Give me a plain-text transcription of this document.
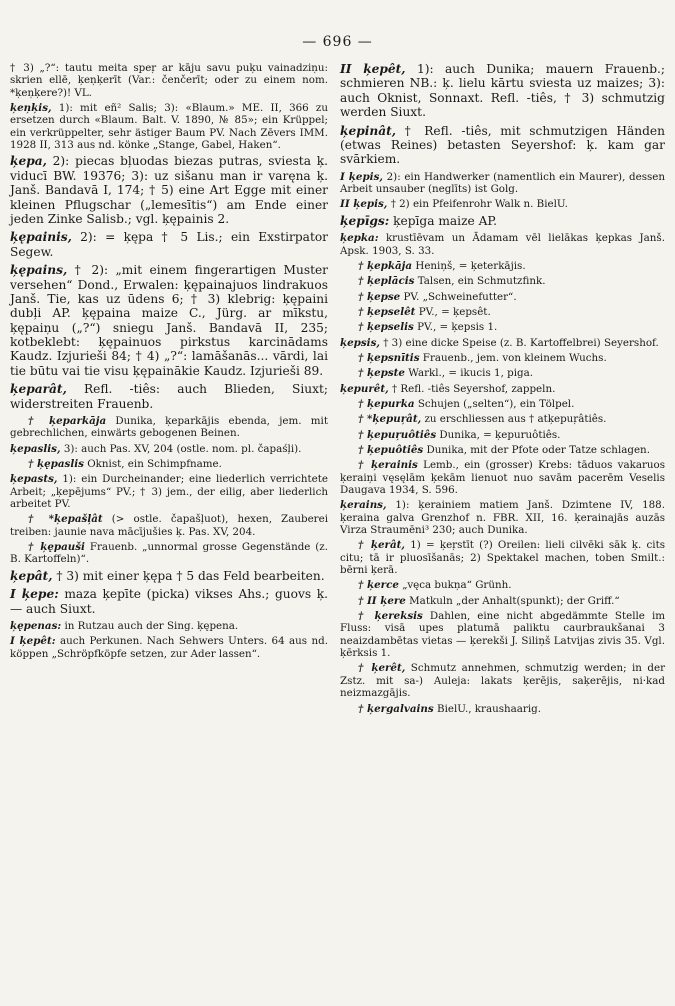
— 696 —

† 3) „?“: tautu meita speŗ ar kāju savu puķu vainadziņu: skrien ellē, ķeņķerīt (Var.: čenčerīt; oder zu einem nom. *ķeņķere?)! VL.

ķeņķis, 1): mit eñ² Salis; 3): «Blaum.» ME. II, 366 zu ersetzen durch «Blaum. Balt. V. 1890, № 85»; ein Krüppel; ein verkrüppelter, sehr ästiger Baum PV. Nach Zēvers IMM. 1928 II, 313 aus nd. könke „Stange, Gabel, Haken“.

ķepa, 2): piecas bļuodas biezas putras, sviesta ķ. viducī BW. 19376; 3): uz sišanu man ir varęna ķ. Janš. Bandavā I, 174; † 5) eine Art Egge mit einer kleinen Pflugschar („lemesītis“) am Ende einer jeden Zinke Salisb.; vgl. ķępainis 2.

ķępainis, 2): = ķępa † 5 Lis.; ein Exstirpator Segew.

ķępains, † 2): „mit einem fingerartigen Muster versehen“ Dond., Erwalen: ķępainajuos lindrakuos Janš. Tie, kas uz ūdens 6; † 3) klebrig: ķępaini dubļi AP. ķępaina maize C., Jürg. ar mīkstu, ķępaiņu („?“) sniegu Janš. Bandavā II, 235; kotbeklebt: ķępainuos pirkstus karcinādams Kaudz. Izjurieši 84; † 4) „?“: lamāšanās... vārdi, lai tie būtu vai tie visu ķępainākie Kaudz. Izjurieši 89.

ķeparât, Refl. -tiês: auch Blieden, Siuxt; widerstreiten Frauenb.

† ķeparkāja Dunika, ķeparkājis ebenda, jem. mit gebrechlichen, einwärts gebogenen Beinen.

ķepaslis, 3): auch Pas. XV, 204 (ostle. nom. pl. čapaśļi).

† ķępaslis Oknist, ein Schimpfname.

ķepasts, 1): ein Durcheinander; eine liederlich verrichtete Arbeit; „ķepējums“ PV.; † 3) jem., der eilig, aber liederlich arbeitet PV.

† *ķepašļât (> ostle. čapašļuot), hexen, Zauberei treiben: jaunie nava mācījušies ķ. Pas. XV, 204.

† ķępauši Frauenb. „unnormal grosse Gegenstände (z. B. Kartoffeln)“.

ķepât, † 3) mit einer ķępa † 5 das Feld bearbeiten.

I ķepe: maza ķepīte (picka) vikses Ahs.; guovs ķ. — auch Siuxt.

ķępenas: in Rutzau auch der Sing. ķępena.

I ķepêt: auch Perkunen. Nach Sehwers Unters. 64 aus nd. köppen „Schröpfköpfe setzen, zur Ader lassen“.

II ķepêt, 1): auch Dunika; mauern Frauenb.; schmieren NB.: ķ. lielu kārtu sviesta uz maizes; 3): auch Oknist, Sonnaxt. Refl. -tiês, † 3) schmutzig werden Siuxt.

ķepinât, † Refl. -tiês, mit schmutzigen Händen (etwas Reines) betasten Seyershof: ķ. kam gar svārkiem.

I ķepis, 2): ein Handwerker (namentlich ein Maurer), dessen Arbeit unsauber (neglīts) ist Golg.

II ķepis, † 2) ein Pfeifenrohr Walk n. BielU.

ķepīgs: ķepīga maize AP.

ķepka: krustīēvam un Ādamam vēl lielākas ķepkas Janš. Apsk. 1903, S. 33.

† ķepkāja Heniņš, = ķeterkājis.

† ķeplācis Talsen, ein Schmutzfink.

† ķepse PV. „Schweinefutter“.

† ķepselêt PV., = ķepsêt.

† ķepselis PV., = ķepsis 1.

ķepsis, † 3) eine dicke Speise (z. B. Kartoffelbrei) Seyershof.

† ķepsnītis Frauenb., jem. von kleinem Wuchs.

† ķepste Warkl., = ikucis 1, piga.

ķepurêt, † Refl. -tiês Seyershof, zappeln.

† ķepurka Schujen („selten“), ein Tölpel.

† *ķepuŗât, zu erschliessen aus † atķepuŗâtiês.

† ķepuŗuôtiês Dunika, = ķepuruôtiês.

† ķepuôtiês Dunika, mit der Pfote oder Tatze schlagen.

† ķerainis Lemb., ein (grosser) Krebs: tāduos vakaruos ķeraiņi vęsęlām ķekām lienuot nuo savām pacerēm Veselis Daugava 1934, S. 596.

ķerains, 1): ķerainiem matiem Janš. Dzimtene IV, 188. ķeraina galva Grenzhof n. FBR. XII, 16. ķerainajās auzās Virza Straumēni³ 230; auch Dunika.

† ķerât, 1) = ķeŗstīt (?) Oreilen: lieli cilvēki sāk ķ. cits citu; tā ir pluosīšanās; 2) Spektakel machen, toben Smilt.: bērni ķerā.

† ķerce „vęca bukņa“ Grünh.

† II ķere Matkuln „der Anhalt(spunkt); der Griff.“

† ķereksis Dahlen, eine nicht abgedämmte Stelle im Fluss: visā upes platumā paliktu caurbraukšanai 3 neaizdambētas vietas — ķerekši J. Siliņš Latvijas zivis 35. Vgl. ķērksis 1.

† ķerêt, Schmutz annehmen, schmutzig werden; in der Zstz. mit sa-) Auleja: lakats ķerējis, saķerējis, ni·kad neizmazgājis.

† ķergalvains BielU., kraushaarig.
